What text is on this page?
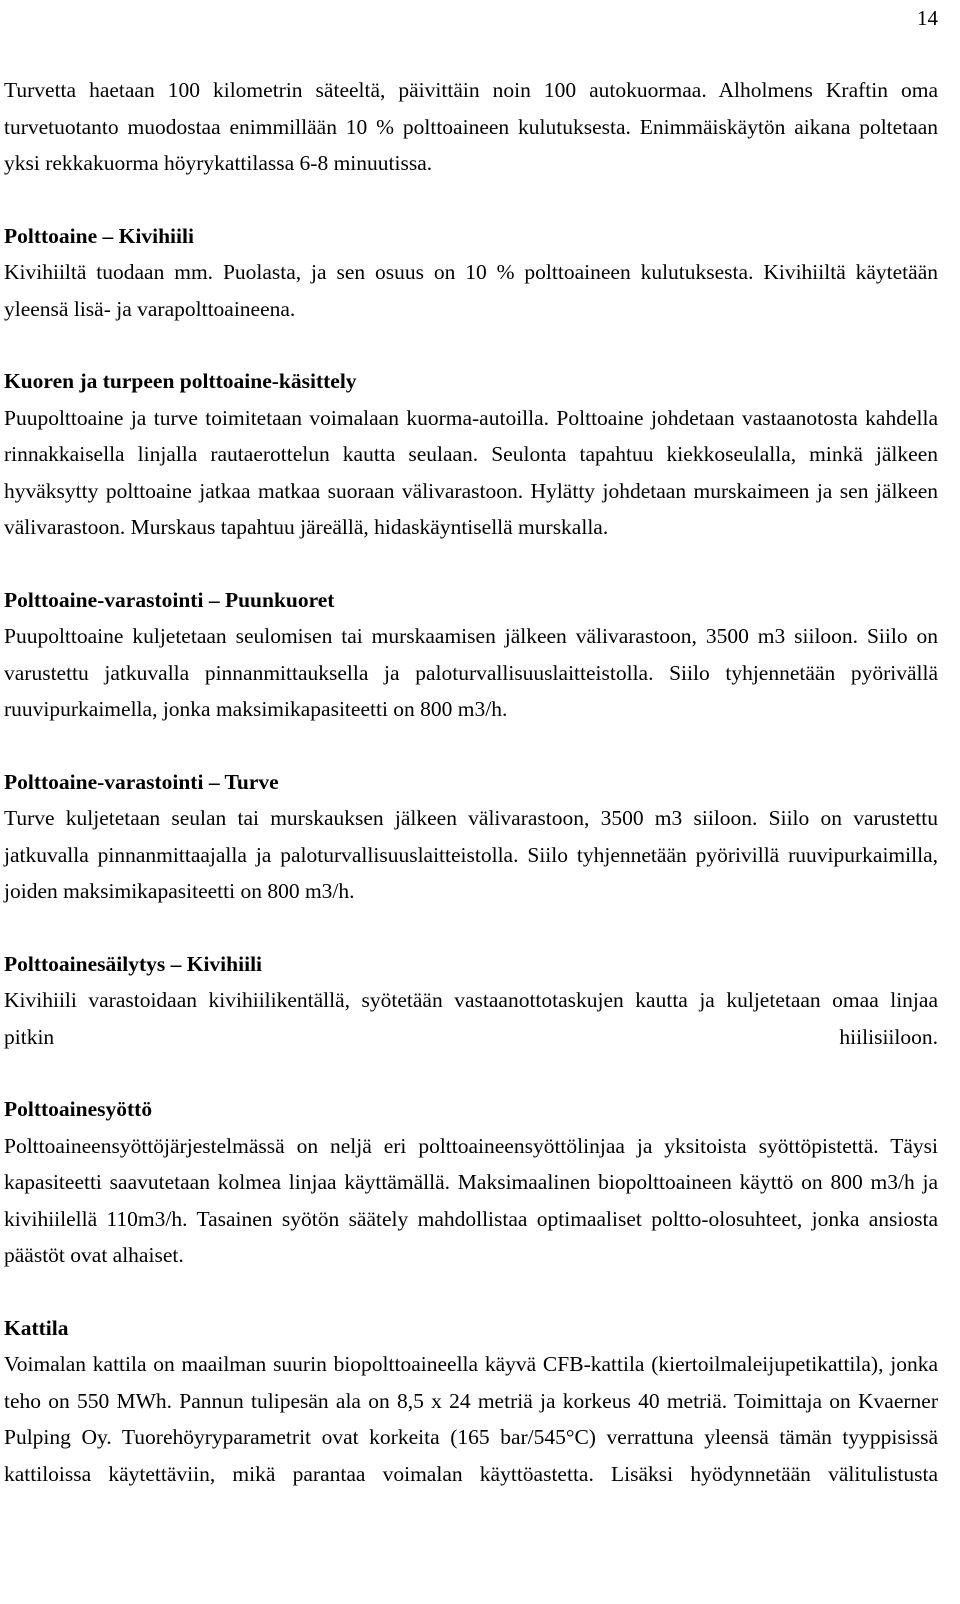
14

Turvetta haetaan 100 kilometrin säteeltä, päivittäin noin 100 autokuormaa. Alholmens Kraftin oma turvetuotanto muodostaa enimmillään 10 % polttoaineen kulutuksesta. Enimmäiskäytön aikana poltetaan yksi rekkakuorma höyrykattilassa 6-8 minuutissa.

Polttoaine – Kivihiili

Kivihiiltä tuodaan mm. Puolasta, ja sen osuus on 10 % polttoaineen kulutuksesta. Kivihiiltä käytetään yleensä lisä- ja varapolttoaineena.

Kuoren ja turpeen polttoaine-käsittely

Puupolttoaine ja turve toimitetaan voimalaan kuorma-autoilla. Polttoaine johdetaan vastaanotosta kahdella rinnakkaisella linjalla rautaerottelun kautta seulaan. Seulonta tapahtuu kiekkoseulalla, minkä jälkeen hyväksytty polttoaine jatkaa matkaa suoraan välivarastoon. Hylätty johdetaan murskaimeen ja sen jälkeen välivarastoon. Murskaus tapahtuu järeällä, hidaskäyntisellä murskalla.

Polttoaine-varastointi – Puunkuoret

Puupolttoaine kuljetetaan seulomisen tai murskaamisen jälkeen välivarastoon, 3500 m3 siiloon. Siilo on varustettu jatkuvalla pinnanmittauksella ja paloturvallisuuslaitteistolla. Siilo tyhjennetään pyörivällä ruuvipurkaimella, jonka maksimikapasiteetti on 800 m3/h.

Polttoaine-varastointi – Turve

Turve kuljetetaan seulan tai murskauksen jälkeen välivarastoon, 3500 m3 siiloon. Siilo on varustettu jatkuvalla pinnanmittaajalla ja paloturvallisuuslaitteistolla. Siilo tyhjennetään pyörivillä ruuvipurkaimilla, joiden maksimikapasiteetti on 800 m3/h.

Polttoainesäilytys – Kivihiili

Kivihiili varastoidaan kivihiilikentällä, syötetään vastaanottotaskujen kautta ja kuljetetaan omaa linjaa pitkin hiilisiiloon.

Polttoainesyöttö

Polttoaineensyöttöjärjestelmässä on neljä eri polttoaineensyöttölinjaa ja yksitoista syöttöpistettä. Täysi kapasiteetti saavutetaan kolmea linjaa käyttämällä. Maksimaalinen biopolttoaineen käyttö on 800 m3/h ja kivihiilellä 110m3/h. Tasainen syötön säätely mahdollistaa optimaaliset poltto-olosuhteet, jonka ansiosta päästöt ovat alhaiset.

Kattila

Voimalan kattila on maailman suurin biopolttoaineella käyvä CFB-kattila (kiertoilmaleijupetikattila), jonka teho on 550 MWh. Pannun tulipesän ala on 8,5 x 24 metriä ja korkeus 40 metriä. Toimittaja on Kvaerner Pulping Oy. Tuorehöyryparametrit ovat korkeita (165 bar/545°C) verrattuna yleensä tämän tyyppisissä kattiloissa käytettäviin, mikä parantaa voimalan käyttöastetta. Lisäksi hyödynnetään välitulistusta
